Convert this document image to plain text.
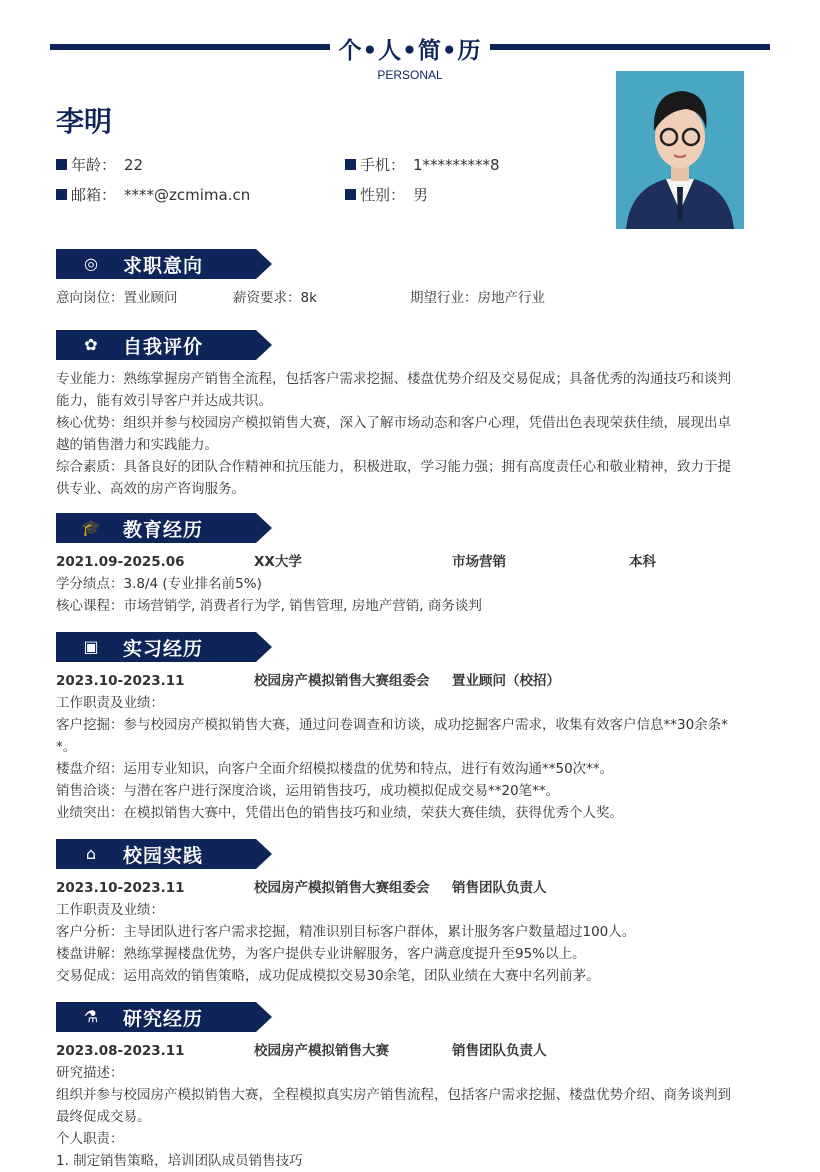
个•人•简•历
PERSONAL
李明
年龄： 22	手机： 1*********8
邮箱： ****@zcmima.cn	性别： 男
◎ 求职意向
意向岗位：置业顾问	薪资要求：8k	期望行业：房地产行业
✿ 自我评价
专业能力：熟练掌握房产销售全流程，包括客户需求挖掘、楼盘优势介绍及交易促成；具备优秀的沟通技巧和谈判
能力，能有效引导客户并达成共识。
核心优势：组织并参与校园房产模拟销售大赛，深入了解市场动态和客户心理，凭借出色表现荣获佳绩，展现出卓
越的销售潜力和实践能力。
综合素质：具备良好的团队合作精神和抗压能力，积极进取，学习能力强；拥有高度责任心和敬业精神，致力于提
供专业、高效的房产咨询服务。
🎓 教育经历
2021.09-2025.06	XX大学	市场营销	本科
学分绩点：3.8/4 (专业排名前5%)
核心课程：市场营销学, 消费者行为学, 销售管理, 房地产营销, 商务谈判
▣ 实习经历
2023.10-2023.11	校园房产模拟销售大赛组委会	置业顾问（校招）
工作职责及业绩：
客户挖掘：参与校园房产模拟销售大赛，通过问卷调查和访谈，成功挖掘客户需求，收集有效客户信息**30余条*
*。
楼盘介绍：运用专业知识，向客户全面介绍模拟楼盘的优势和特点，进行有效沟通**50次**。
销售洽谈：与潜在客户进行深度洽谈，运用销售技巧，成功模拟促成交易**20笔**。
业绩突出：在模拟销售大赛中，凭借出色的销售技巧和业绩，荣获大赛佳绩，获得优秀个人奖。
⌂	校园实践
2023.10-2023.11	校园房产模拟销售大赛组委会	销售团队负责人
工作职责及业绩：
客户分析：主导团队进行客户需求挖掘，精准识别目标客户群体，累计服务客户数量超过100人。
楼盘讲解：熟练掌握楼盘优势，为客户提供专业讲解服务，客户满意度提升至95%以上。
交易促成：运用高效的销售策略，成功促成模拟交易30余笔，团队业绩在大赛中名列前茅。
⚗ 研究经历
2023.08-2023.11	校园房产模拟销售大赛	销售团队负责人
研究描述：
组织并参与校园房产模拟销售大赛，全程模拟真实房产销售流程，包括客户需求挖掘、楼盘优势介绍、商务谈判到
最终促成交易。
个人职责：
1. 制定销售策略，培训团队成员销售技巧
